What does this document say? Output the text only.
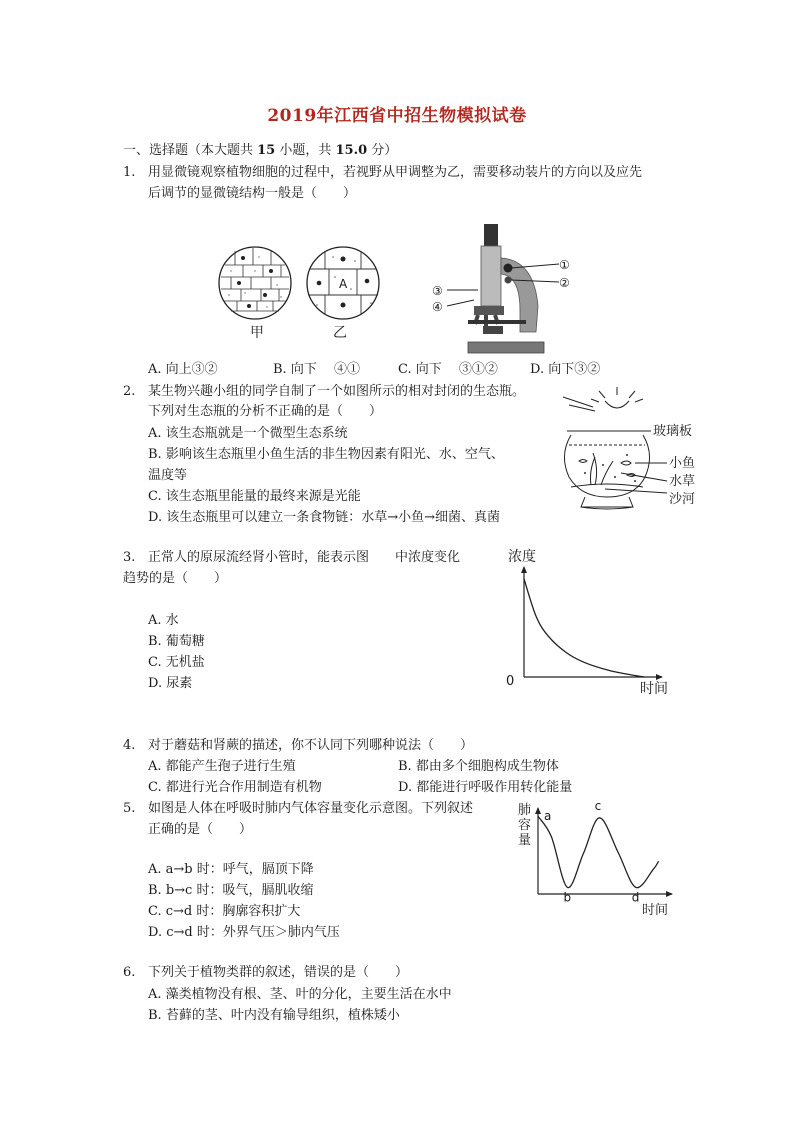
2019年江西省中招生物模拟试卷
一、选择题（本大题共 15 小题，共 15.0 分）
1. 用显微镜观察植物细胞的过程中，若视野从甲调整为乙，需要移动装片的方向以及应先
后调节的显微镜结构一般是（　　）
A
甲	乙
①
②
③
④
A. 向上③②	B. 向下　 ④①	C. 向下　 ③①② D. 向下③②
2. 某生物兴趣小组的同学自制了一个如图所示的相对封闭的生态瓶。
下列对生态瓶的分析不正确的是（　　）
A. 该生态瓶就是一个微型生态系统
B. 影响该生态瓶里小鱼生活的非生物因素有阳光、水、空气、
温度等
C. 该生态瓶里能量的最终来源是光能
D. 该生态瓶里可以建立一条食物链：水草→小鱼→细菌、真菌
玻璃板
小鱼
水草
沙河
3. 正常人的原尿流经肾小管时，能表示图　　中浓度变化
趋势的是（　　）
A. 水
B. 葡萄糖
C. 无机盐
D. 尿素
浓度
0	时间
4. 对于蘑菇和肾蕨的描述，你不认同下列哪种说法（　　）
A. 都能产生孢子进行生殖	B. 都由多个细胞构成生物体
C. 都进行光合作用制造有机物	D. 都能进行呼吸作用转化能量
5. 如图是人体在呼吸时肺内气体容量变化示意图。下列叙述
正确的是（　　）
A. a→b 时：呼气，膈顶下降
B. b→c 时：吸气，膈肌收缩
C. c→d 时：胸廓容积扩大
D. c→d 时：外界气压＞肺内气压
a
b
c
d
肺
容
量
时间
6. 下列关于植物类群的叙述，错误的是（　　）
A. 藻类植物没有根、茎、叶的分化，主要生活在水中
B. 苔藓的茎、叶内没有输导组织，植株矮小
